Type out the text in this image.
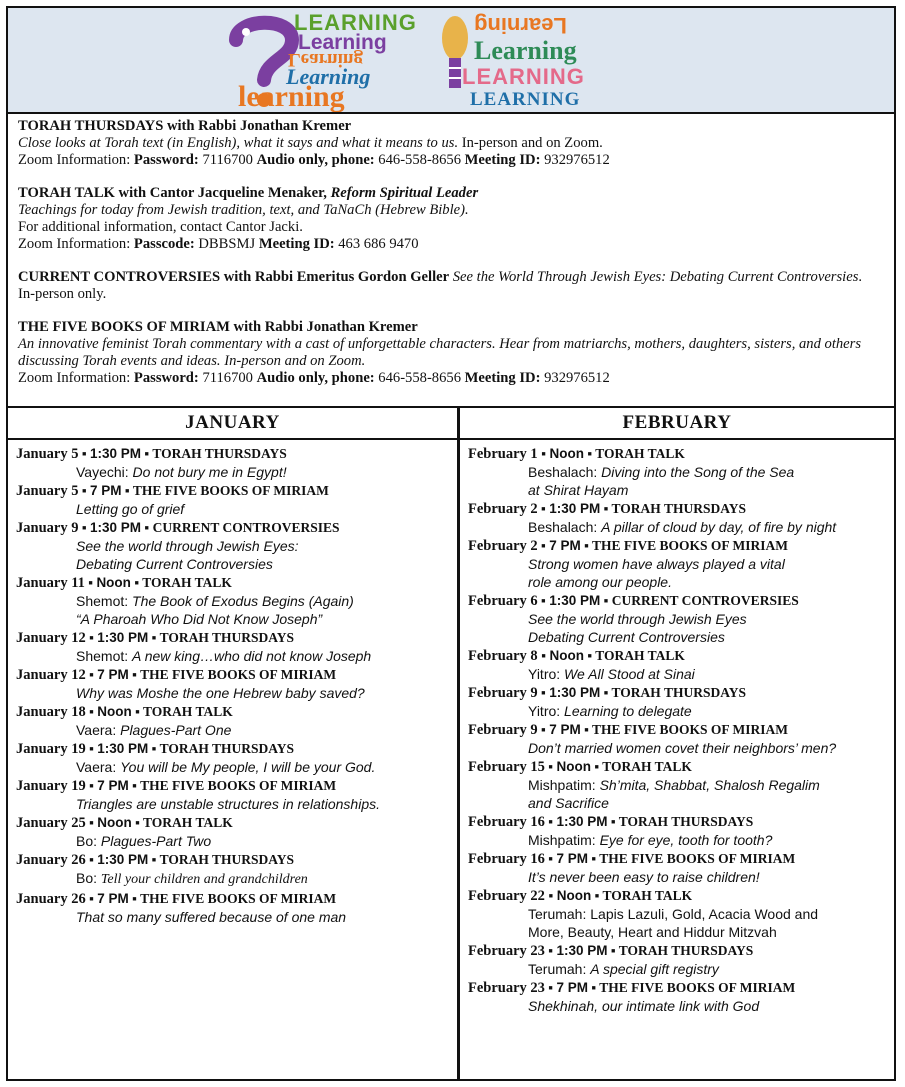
LEARNING
Learning
Learning
Learning
learning
Learning
Learning
LEARNING
LEARNING

TORAH THURSDAYS with Rabbi Jonathan Kremer
Close looks at Torah text (in English), what it says and what it means to us. In-person and on Zoom.
Zoom Information: Password: 7116700 Audio only, phone: 646-558-8656 Meeting ID: 932976512

TORAH TALK with Cantor Jacqueline Menaker, Reform Spiritual Leader
Teachings for today from Jewish tradition, text, and TaNaCh (Hebrew Bible).
For additional information, contact Cantor Jacki.
Zoom Information: Passcode: DBBSMJ Meeting ID: 463 686 9470

CURRENT CONTROVERSIES with Rabbi Emeritus Gordon Geller See the World Through Jewish Eyes: Debating Current Controversies. In-person only.

THE FIVE BOOKS OF MIRIAM with Rabbi Jonathan Kremer
An innovative feminist Torah commentary with a cast of unforgettable characters. Hear from matriarchs, mothers, daughters, sisters, and others discussing Torah events and ideas. In-person and on Zoom.
Zoom Information: Password: 7116700 Audio only, phone: 646-558-8656 Meeting ID: 932976512

JANUARY
January 5 ▪ 1:30 PM ▪ TORAH THURSDAYS
Vayechi: Do not bury me in Egypt!
January 5 ▪ 7 PM ▪ THE FIVE BOOKS OF MIRIAM
Letting go of grief
January 9 ▪ 1:30 PM ▪ CURRENT CONTROVERSIES
See the world through Jewish Eyes:
Debating Current Controversies
January 11 ▪ Noon ▪ TORAH TALK
Shemot: The Book of Exodus Begins (Again)
“A Pharoah Who Did Not Know Joseph”
January 12 ▪ 1:30 PM ▪ TORAH THURSDAYS
Shemot: A new king…who did not know Joseph
January 12 ▪ 7 PM ▪ THE FIVE BOOKS OF MIRIAM
Why was Moshe the one Hebrew baby saved?
January 18 ▪ Noon ▪ TORAH TALK
Vaera: Plagues-Part One
January 19 ▪ 1:30 PM ▪ TORAH THURSDAYS
Vaera: You will be My people, I will be your God.
January 19 ▪ 7 PM ▪ THE FIVE BOOKS OF MIRIAM
Triangles are unstable structures in relationships.
January 25 ▪ Noon ▪ TORAH TALK
Bo: Plagues-Part Two
January 26 ▪ 1:30 PM ▪ TORAH THURSDAYS
Bo: Tell your children and grandchildren
January 26 ▪ 7 PM ▪ THE FIVE BOOKS OF MIRIAM
That so many suffered because of one man
FEBRUARY
February 1 ▪ Noon ▪ TORAH TALK
Beshalach: Diving into the Song of the Sea
at Shirat Hayam
February 2 ▪ 1:30 PM ▪ TORAH THURSDAYS
Beshalach: A pillar of cloud by day, of fire by night
February 2 ▪ 7 PM ▪ THE FIVE BOOKS OF MIRIAM
Strong women have always played a vital
role among our people.
February 6 ▪ 1:30 PM ▪ CURRENT CONTROVERSIES
See the world through Jewish Eyes
Debating Current Controversies
February 8 ▪ Noon ▪ TORAH TALK
Yitro: We All Stood at Sinai
February 9 ▪ 1:30 PM ▪ TORAH THURSDAYS
Yitro: Learning to delegate
February 9 ▪ 7 PM ▪ THE FIVE BOOKS OF MIRIAM
Don’t married women covet their neighbors’ men?
February 15 ▪ Noon ▪ TORAH TALK
Mishpatim: Sh’mita, Shabbat, Shalosh Regalim
and Sacrifice
February 16 ▪ 1:30 PM ▪ TORAH THURSDAYS
Mishpatim: Eye for eye, tooth for tooth?
February 16 ▪ 7 PM ▪ THE FIVE BOOKS OF MIRIAM
It’s never been easy to raise children!
February 22 ▪ Noon ▪ TORAH TALK
Terumah: Lapis Lazuli, Gold, Acacia Wood and
More, Beauty, Heart and Hiddur Mitzvah
February 23 ▪ 1:30 PM ▪ TORAH THURSDAYS
Terumah: A special gift registry
February 23 ▪ 7 PM ▪ THE FIVE BOOKS OF MIRIAM
Shekhinah, our intimate link with God
